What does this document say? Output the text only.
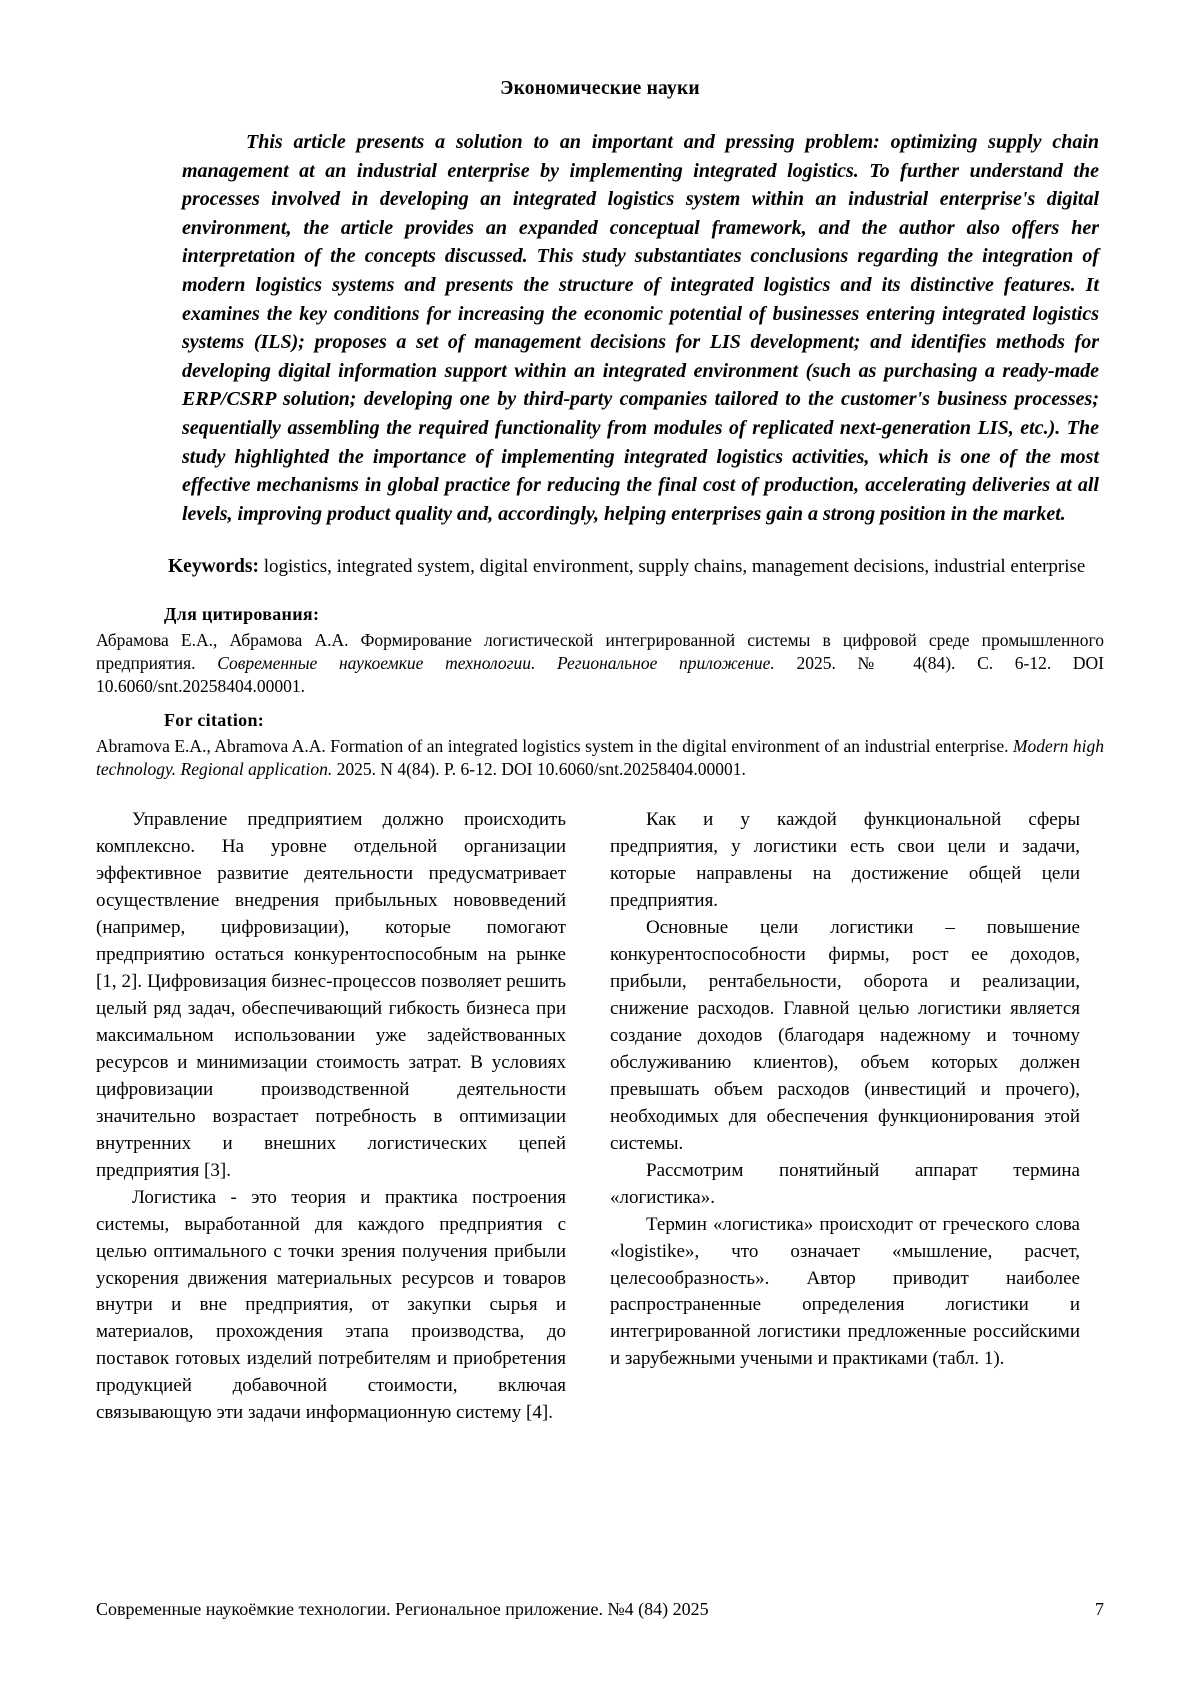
Экономические науки
This article presents a solution to an important and pressing problem: optimizing supply chain management at an industrial enterprise by implementing integrated logistics. To further understand the processes involved in developing an integrated logistics system within an industrial enterprise's digital environment, the article provides an expanded conceptual framework, and the author also offers her interpretation of the concepts discussed. This study substantiates conclusions regarding the integration of modern logistics systems and presents the structure of integrated logistics and its distinctive features. It examines the key conditions for increasing the economic potential of businesses entering integrated logistics systems (ILS); proposes a set of management decisions for LIS development; and identifies methods for developing digital information support within an integrated environment (such as purchasing a ready-made ERP/CSRP solution; developing one by third-party companies tailored to the customer's business processes; sequentially assembling the required functionality from modules of replicated next-generation LIS, etc.). The study highlighted the importance of implementing integrated logistics activities, which is one of the most effective mechanisms in global practice for reducing the final cost of production, accelerating deliveries at all levels, improving product quality and, accordingly, helping enterprises gain a strong position in the market.
Keywords: logistics, integrated system, digital environment, supply chains, management decisions, industrial enterprise
Для цитирования:
Абрамова Е.А., Абрамова А.А. Формирование логистической интегрированной системы в цифровой среде промышленного предприятия. Современные наукоемкие технологии. Региональное приложение. 2025. № 4(84). С. 6-12. DOI 10.6060/snt.20258404.00001.
For citation:
Abramova E.A., Abramova A.A. Formation of an integrated logistics system in the digital environment of an industrial enterprise. Modern high technology. Regional application. 2025. N 4(84). P. 6-12. DOI 10.6060/snt.20258404.00001.

Управление предприятием должно происходить комплексно. На уровне отдельной организации эффективное развитие деятельности предусматривает осуществление внедрения прибыльных нововведений (например, цифровизации), которые помогают предприятию остаться конкурентоспособным на рынке [1, 2]. Цифровизация бизнес-процессов позволяет решить целый ряд задач, обеспечивающий гибкость бизнеса при максимальном использовании уже задействованных ресурсов и минимизации стоимость затрат. В условиях цифровизации производственной деятельности значительно возрастает потребность в оптимизации внутренних и внешних логистических цепей предприятия [3].

Логистика - это теория и практика построения системы, выработанной для каждого предприятия с целью оптимального с точки зрения получения прибыли ускорения движения материальных ресурсов и товаров внутри и вне предприятия, от закупки сырья и материалов, прохождения этапа производства, до поставок готовых изделий потребителям и приобретения продукцией добавочной стоимости, включая связывающую эти задачи информационную систему [4].

Как и у каждой функциональной сферы предприятия, у логистики есть свои цели и задачи, которые направлены на достижение общей цели предприятия.

Основные цели логистики – повышение конкурентоспособности фирмы, рост ее доходов, прибыли, рентабельности, оборота и реализации, снижение расходов. Главной целью логистики является создание доходов (благодаря надежному и точному обслуживанию клиентов), объем которых должен превышать объем расходов (инвестиций и прочего), необходимых для обеспечения функционирования этой системы.

Рассмотрим понятийный аппарат термина «логистика».

Термин «логистика» происходит от греческого слова «logistike», что означает «мышление, расчет, целесообразность». Автор приводит наиболее распространенные определения логистики и интегрированной логистики предложенные российскими и зарубежными учеными и практиками (табл. 1).

Современные наукоёмкие технологии. Региональное приложение. №4 (84) 2025	7
